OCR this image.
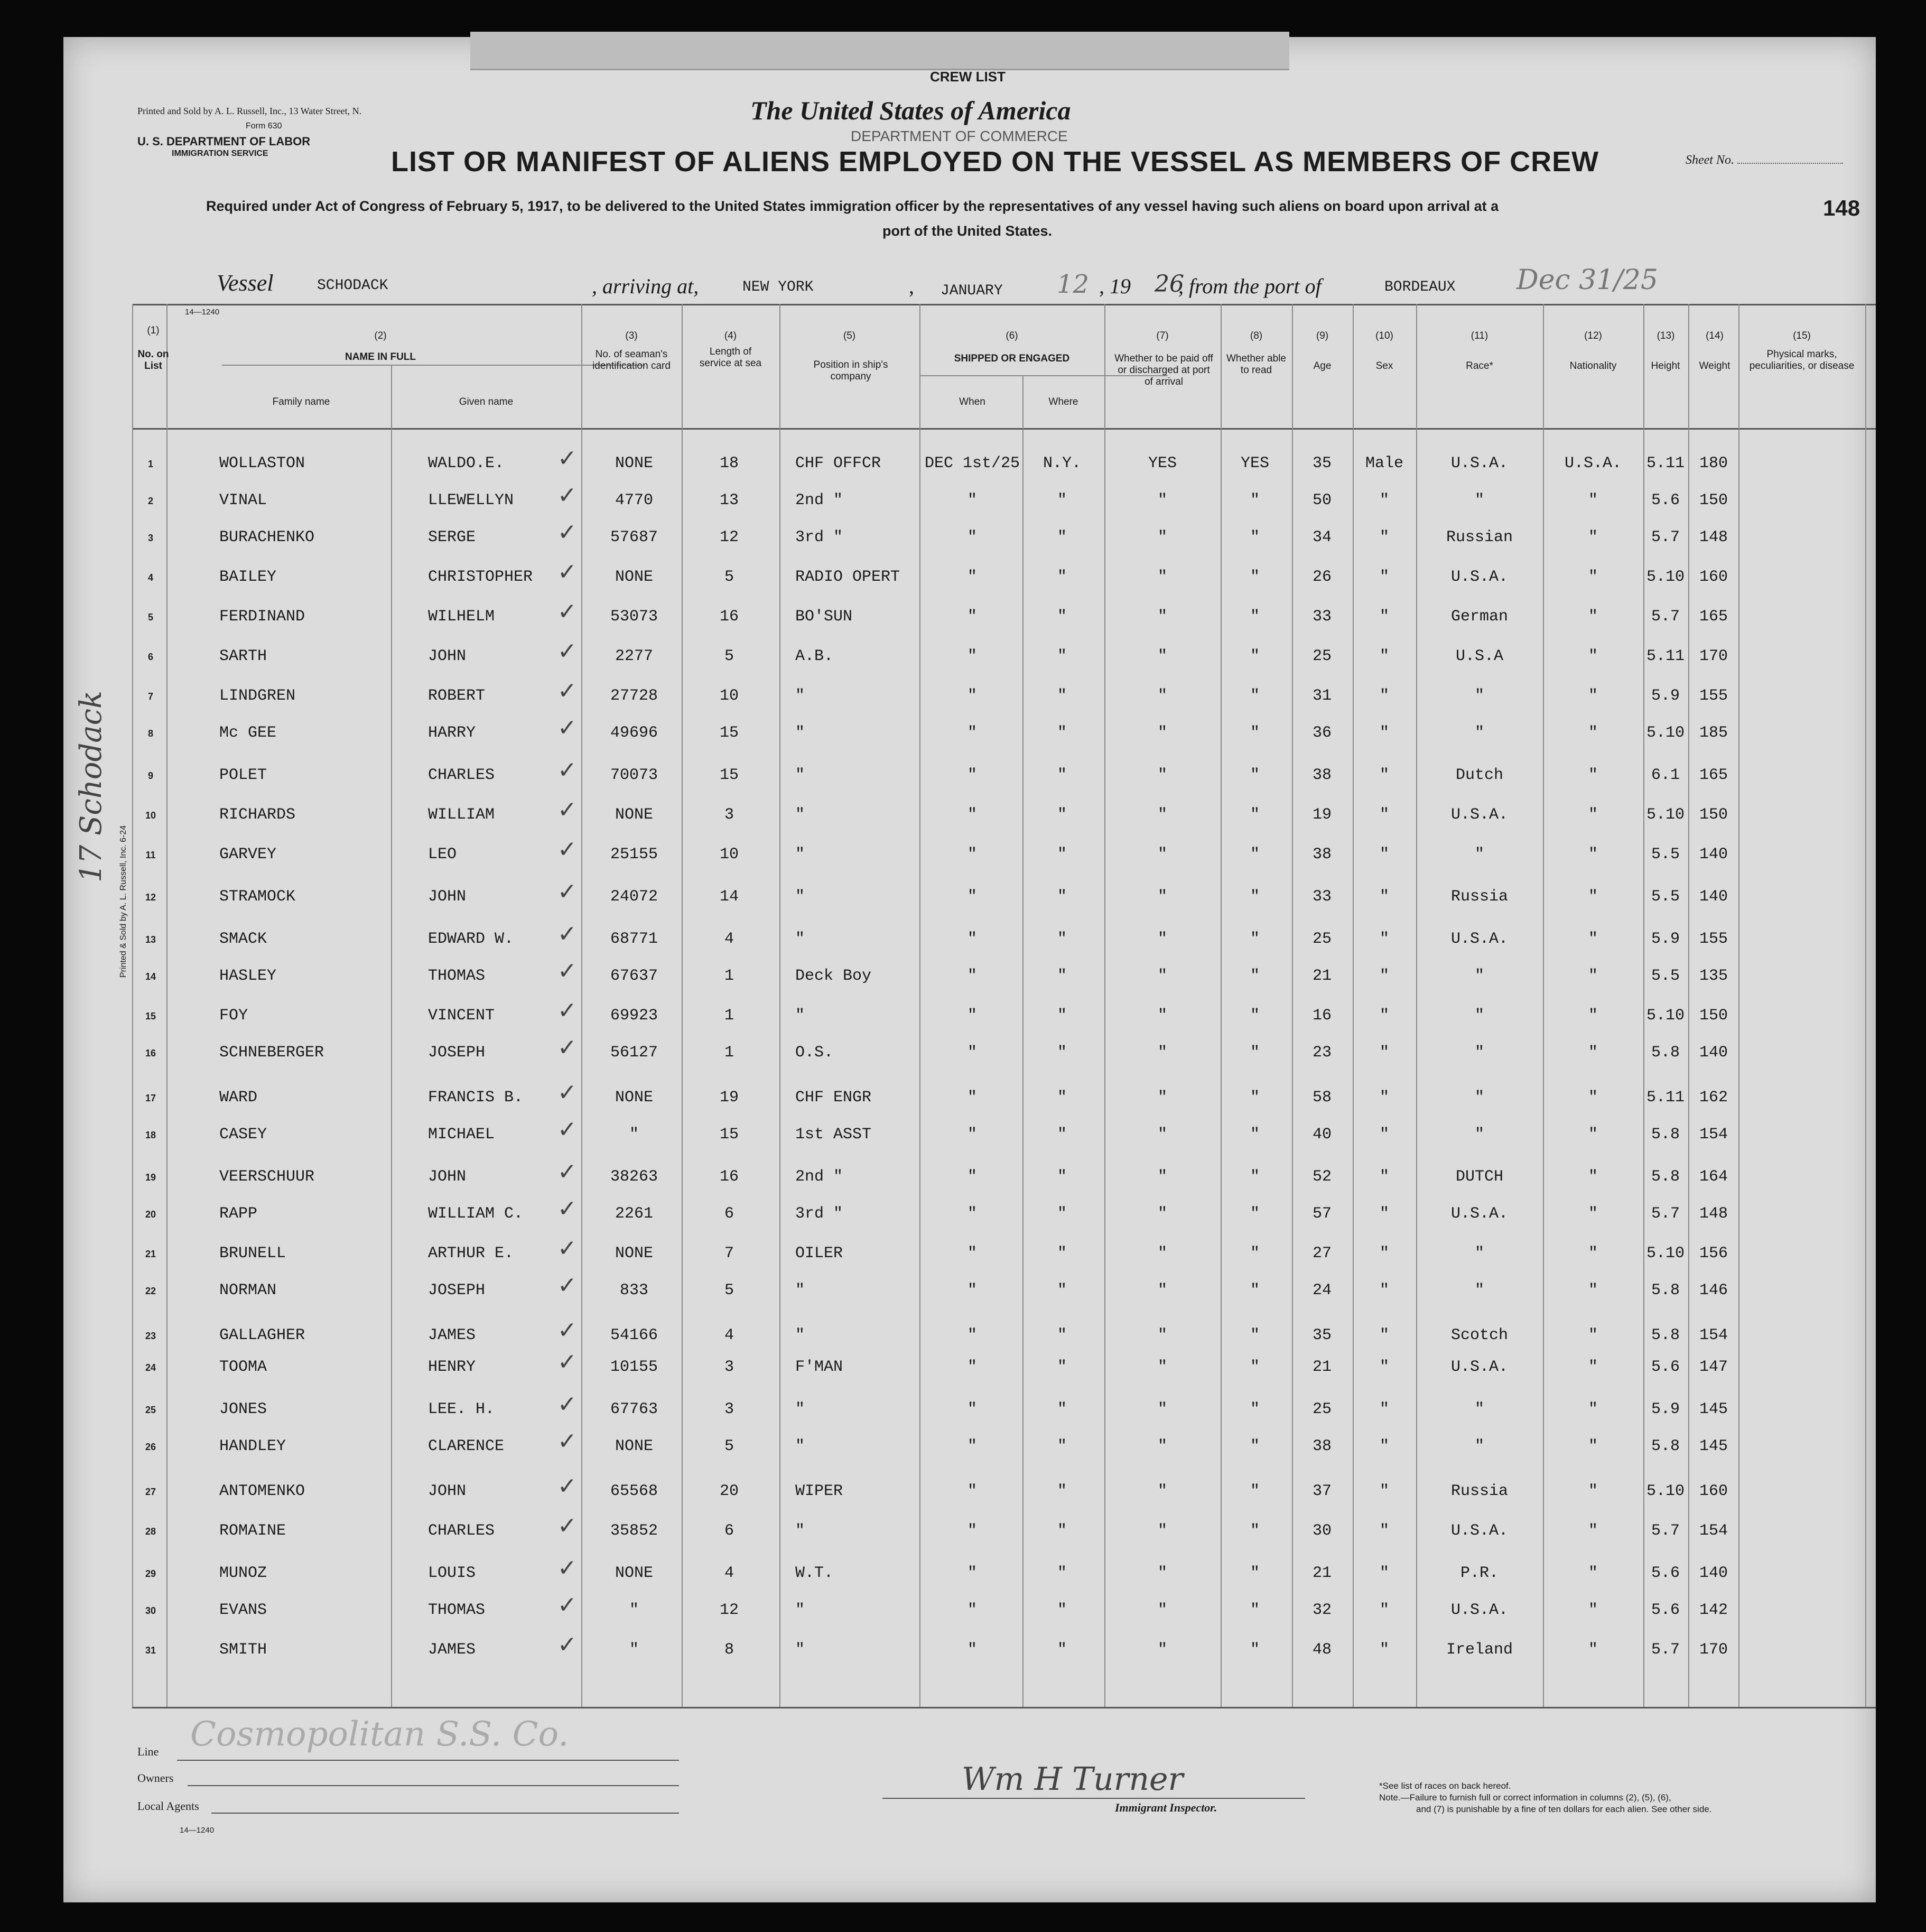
CREW LIST
Printed and Sold by A. L. Russell, Inc., 13 Water Street, N.
Form 630
U. S. DEPARTMENT OF LABOR
IMMIGRATION SERVICE
The United States of America
DEPARTMENT OF COMMERCE
Sheet No.
LIST OR MANIFEST OF ALIENS EMPLOYED ON THE VESSEL AS MEMBERS OF CREW
Required under Act of Congress of February 5, 1917, to be delivered to the United States immigration officer by the representatives of any vessel having such aliens on board upon arrival at a
port of the United States.
148
Vessel	SCHODACK	, arriving at,	NEW YORK	, JANUARY 12 , 19 26
, from the port of	BORDEAUX Dec 31/25
14—1240
(1)
No. on List
(2)
NAME IN FULL
Family name	Given name
(3)
No. of seaman's identification card
(4)
Length of service at sea
(5)
Position in ship's company
(6)
SHIPPED OR ENGAGED
When	Where
(7)
Whether to be paid off or discharged at port of arrival
(8)
Whether able to read
(9)
Age
(10)
Sex
(11)
Race*
(12)
Nationality
(13)
Height
(14)
Weight
(15)
Physical marks, peculiarities, or disease
1	WOLLASTON	WALDO.E.	NONE	18	CHF OFFCR	DEC 1st/25 N.Y.	YES	YES	35 Male	U.S.A.	U.S.A. 5.11 180
✓
2	VINAL	LLEWELLYN	4770	13	2nd "	"	"	"	"	50	"	"	"	5.6 150
✓
3	BURACHENKO	SERGE	57687	12	3rd "	"	"	"	"	34	"	Russian	"	5.7 148
✓
4	BAILEY	CHRISTOPHER	NONE	5	RADIO OPERT	"	"	"	"	26	"	U.S.A.	"	5.10 160
✓
5	FERDINAND	WILHELM	53073	16	BO'SUN	"	"	"	"	33	"	German	"	5.7 165
✓
6	SARTH	JOHN	2277	5	A.B.	"	"	"	"	25	"	U.S.A	"	5.11 170
✓
7	LINDGREN	ROBERT	27728	10	"	"	"	"	"	31	"	"	"	5.9 155
✓
8	Mc GEE	HARRY	49696	15	"	"	"	"	"	36	"	"	"	5.10 185
✓
9	POLET	CHARLES	70073	15	"	"	"	"	"	38	"	Dutch	"	6.1 165
✓
10	RICHARDS	WILLIAM	NONE	3	"	"	"	"	"	19	"	U.S.A.	"	5.10 150
✓
11	GARVEY	LEO	25155	10	"	"	"	"	"	38	"	"	"	5.5 140
✓
12	STRAMOCK	JOHN	24072	14	"	"	"	"	"	33	"	Russia	"	5.5 140
✓
13	SMACK	EDWARD W.	68771	4	"	"	"	"	"	25	"	U.S.A.	"	5.9 155
✓
14	HASLEY	THOMAS	67637	1	Deck Boy	"	"	"	"	21	"	"	"	5.5 135
✓
15	FOY	VINCENT	69923	1	"	"	"	"	"	16	"	"	"	5.10 150
✓
16	SCHNEBERGER	JOSEPH	56127	1	O.S.	"	"	"	"	23	"	"	"	5.8 140
✓
17	WARD	FRANCIS B.	NONE	19	CHF ENGR	"	"	"	"	58	"	"	"	5.11 162
✓
18	CASEY	MICHAEL	"	15	1st ASST	"	"	"	"	40	"	"	"	5.8 154
✓
19	VEERSCHUUR	JOHN	38263	16	2nd "	"	"	"	"	52	"	DUTCH	"	5.8 164
✓
20	RAPP	WILLIAM C.	2261	6	3rd "	"	"	"	"	57	"	U.S.A.	"	5.7 148
✓
21	BRUNELL	ARTHUR E.	NONE	7	OILER	"	"	"	"	27	"	"	"	5.10 156
✓
22	NORMAN	JOSEPH	833	5	"	"	"	"	"	24	"	"	"	5.8 146
✓
23	GALLAGHER	JAMES	54166	4	"	"	"	"	"	35	"	Scotch	"	5.8 154
✓
24	TOOMA	HENRY	10155	3	F'MAN	"	"	"	"	21	"	U.S.A.	"	5.6 147
✓
25	JONES	LEE. H.	67763	3	"	"	"	"	"	25	"	"	"	5.9 145
✓
26	HANDLEY	CLARENCE	NONE	5	"	"	"	"	"	38	"	"	"	5.8 145
✓
27	ANTOMENKO	JOHN	65568	20	WIPER	"	"	"	"	37	"	Russia	"	5.10 160
✓
28	ROMAINE	CHARLES	35852	6	"	"	"	"	"	30	"	U.S.A.	"	5.7 154
✓
29	MUNOZ	LOUIS	NONE	4	W.T.	"	"	"	"	21	"	P.R.	"	5.6 140
✓
30	EVANS	THOMAS	"	12	"	"	"	"	"	32	"	U.S.A.	"	5.6 142
✓
31	SMITH	JAMES	"	8	"	"	"	"	"	48	"	Ireland	"	5.7 170
✓
17 Schodack
Printed & Sold by A. L. Russell, Inc. 6-24
Line Cosmopolitan S.S. Co.
Owners
Local Agents
14—1240
Wm H Turner
Immigrant Inspector.
*See list of races on back hereof.
Note.—Failure to furnish full or correct information in columns (2), (5), (6),
and (7) is punishable by a fine of ten dollars for each alien. See other side.
